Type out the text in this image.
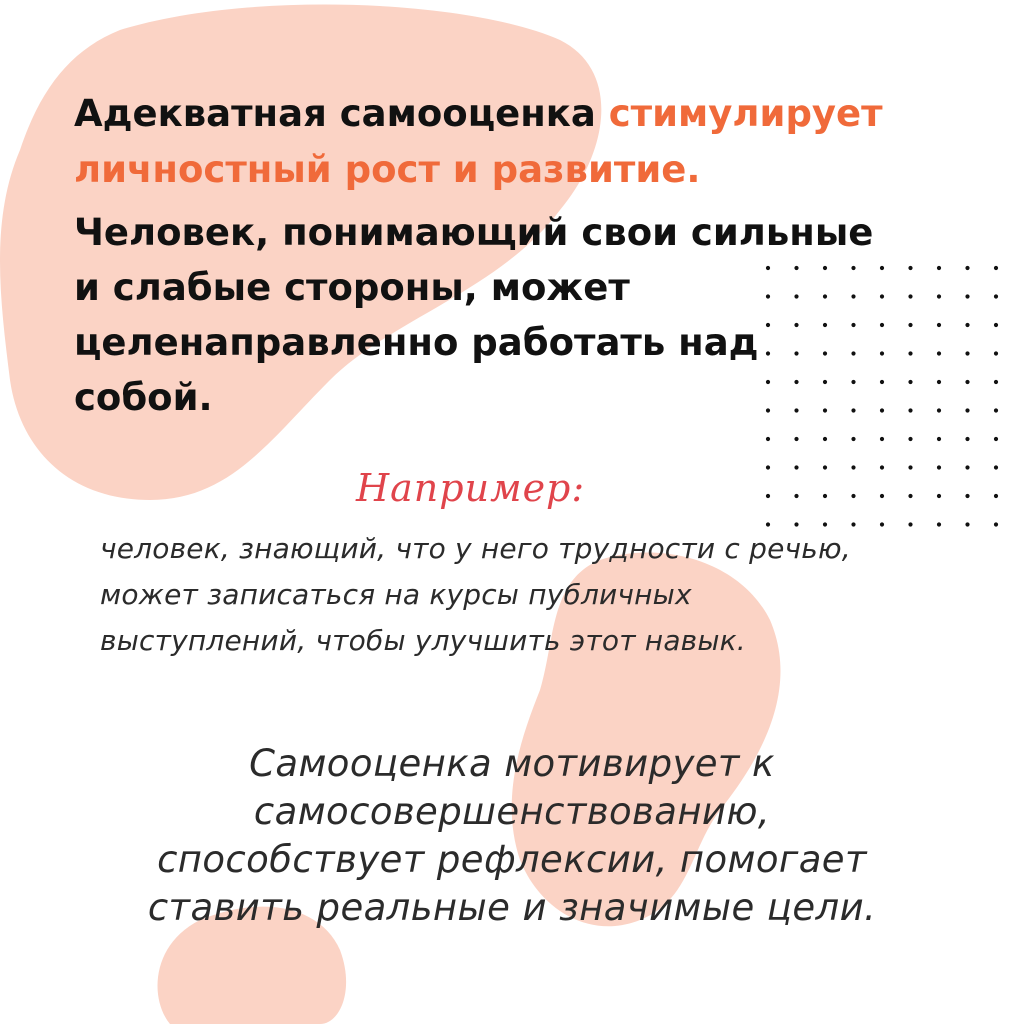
Адекватная самооценка стимулирует личностный рост и развитие.

Человек, понимающий свои сильные
и слабые стороны, может
целенаправленно работать над
собой.

Например:

человек, знающий, что у него трудности с речью,
может записаться на курсы публичных
выступлений, чтобы улучшить этот навык.

Самооценка мотивирует к
самосовершенствованию,
способствует рефлексии, помогает
ставить реальные и значимые цели.
